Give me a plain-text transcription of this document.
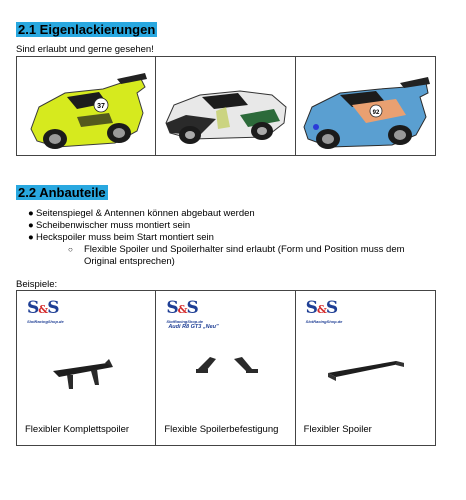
2.1 Eigenlackierungen
Sind erlaubt und gerne gesehen!
37
92
2.2 Anbauteile
● Seitenspiegel & Antennen können abgebaut werden
● Scheibenwischer muss montiert sein
● Heckspoiler muss beim Start montiert sein
○ Flexible Spoiler und Spoilerhalter sind erlaubt (Form und Position muss dem
Original entsprechen)
Beispiele:
S&S
SlotRacingShop.de
Flexibler Komplettspoiler
S&S
SlotRacingShop.de
Audi R8 GT3 „Neu"
Flexible Spoilerbefestigung
S&S
SlotRacingShop.de
Flexibler Spoiler
